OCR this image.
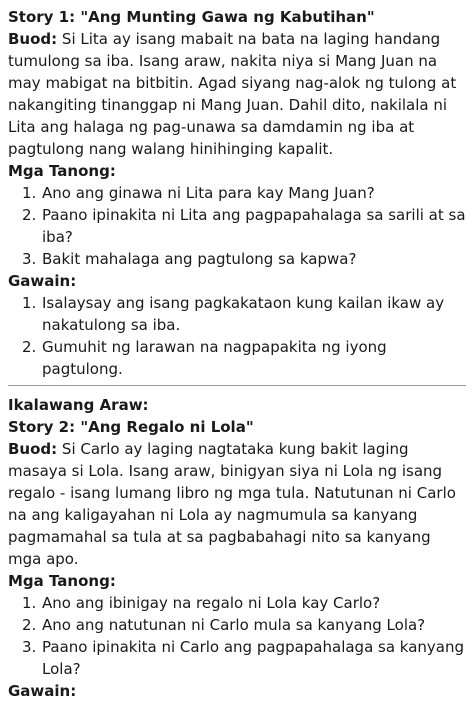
Story 1: "Ang Munting Gawa ng Kabutihan"
Buod: Si Lita ay isang mabait na bata na laging handang tumulong sa iba. Isang araw, nakita niya si Mang Juan na may mabigat na bitbitin. Agad siyang nag-alok ng tulong at nakangiting tinanggap ni Mang Juan. Dahil dito, nakilala ni Lita ang halaga ng pag-unawa sa damdamin ng iba at pagtulong nang walang hinihinging kapalit.
Mga Tanong:
1. Ano ang ginawa ni Lita para kay Mang Juan?
2. Paano ipinakita ni Lita ang pagpapahalaga sa sarili at sa iba?
3. Bakit mahalaga ang pagtulong sa kapwa?
Gawain:
1. Isalaysay ang isang pagkakataon kung kailan ikaw ay nakatulong sa iba.
2. Gumuhit ng larawan na nagpapakita ng iyong pagtulong.
Ikalawang Araw:
Story 2: "Ang Regalo ni Lola"
Buod: Si Carlo ay laging nagtataka kung bakit laging masaya si Lola. Isang araw, binigyan siya ni Lola ng isang regalo - isang lumang libro ng mga tula. Natutunan ni Carlo na ang kaligayahan ni Lola ay nagmumula sa kanyang pagmamahal sa tula at sa pagbabahagi nito sa kanyang mga apo.
Mga Tanong:
1. Ano ang ibinigay na regalo ni Lola kay Carlo?
2. Ano ang natutunan ni Carlo mula sa kanyang Lola?
3. Paano ipinakita ni Carlo ang pagpapahalaga sa kanyang Lola?
Gawain:
